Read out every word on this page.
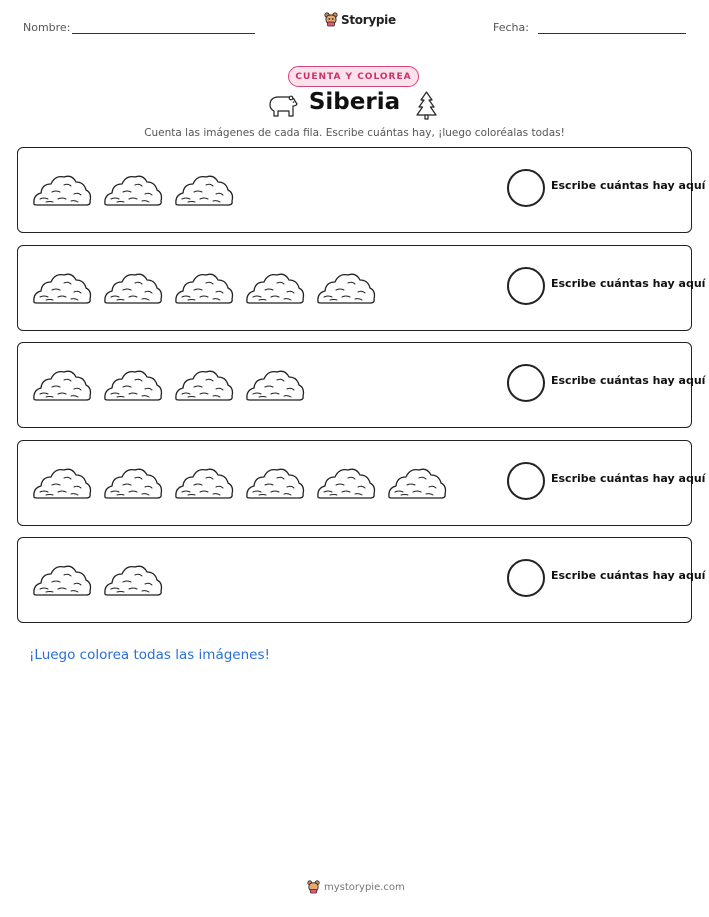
Nombre:
Storypie
Fecha:
CUENTA Y COLOREA
Siberia
Cuenta las imágenes de cada fila. Escribe cuántas hay, ¡luego coloréalas todas!
Escribe cuántas hay aquí
Escribe cuántas hay aquí
Escribe cuántas hay aquí
Escribe cuántas hay aquí
Escribe cuántas hay aquí
¡Luego colorea todas las imágenes!
mystorypie.com
